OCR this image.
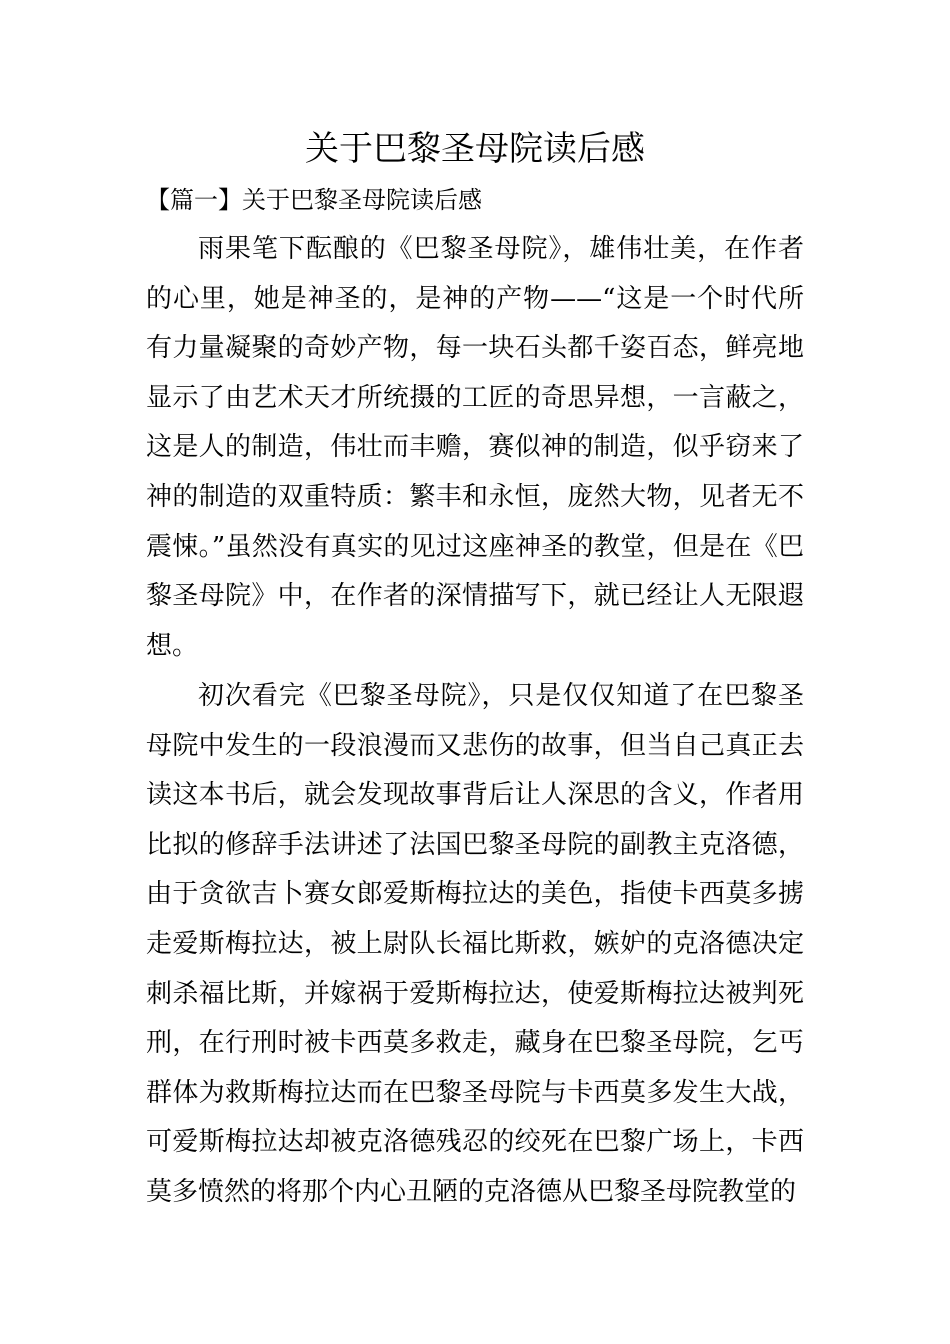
关于巴黎圣母院读后感
【篇一】关于巴黎圣母院读后感

雨果笔下酝酿的《巴黎圣母院》，雄伟壮美，在作者的心里，她是神圣的，是神的产物——“这是一个时代所有力量凝聚的奇妙产物，每一块石头都千姿百态，鲜亮地显示了由艺术天才所统摄的工匠的奇思异想，一言蔽之，这是人的制造，伟壮而丰赡，赛似神的制造，似乎窃来了神的制造的双重特质：繁丰和永恒，庞然大物，见者无不震悚。”虽然没有真实的见过这座神圣的教堂，但是在《巴黎圣母院》中，在作者的深情描写下，就已经让人无限遐想。

初次看完《巴黎圣母院》，只是仅仅知道了在巴黎圣母院中发生的一段浪漫而又悲伤的故事，但当自己真正去读这本书后，就会发现故事背后让人深思的含义，作者用比拟的修辞手法讲述了法国巴黎圣母院的副教主克洛德，由于贪欲吉卜赛女郎爱斯梅拉达的美色，指使卡西莫多掳走爱斯梅拉达，被上尉队长福比斯救，嫉妒的克洛德决定刺杀福比斯，并嫁祸于爱斯梅拉达，使爱斯梅拉达被判死刑，在行刑时被卡西莫多救走，藏身在巴黎圣母院，乞丐群体为救斯梅拉达而在巴黎圣母院与卡西莫多发生大战，可爱斯梅拉达却被克洛德残忍的绞死在巴黎广场上，卡西莫多愤然的将那个内心丑陋的克洛德从巴黎圣母院教堂的
